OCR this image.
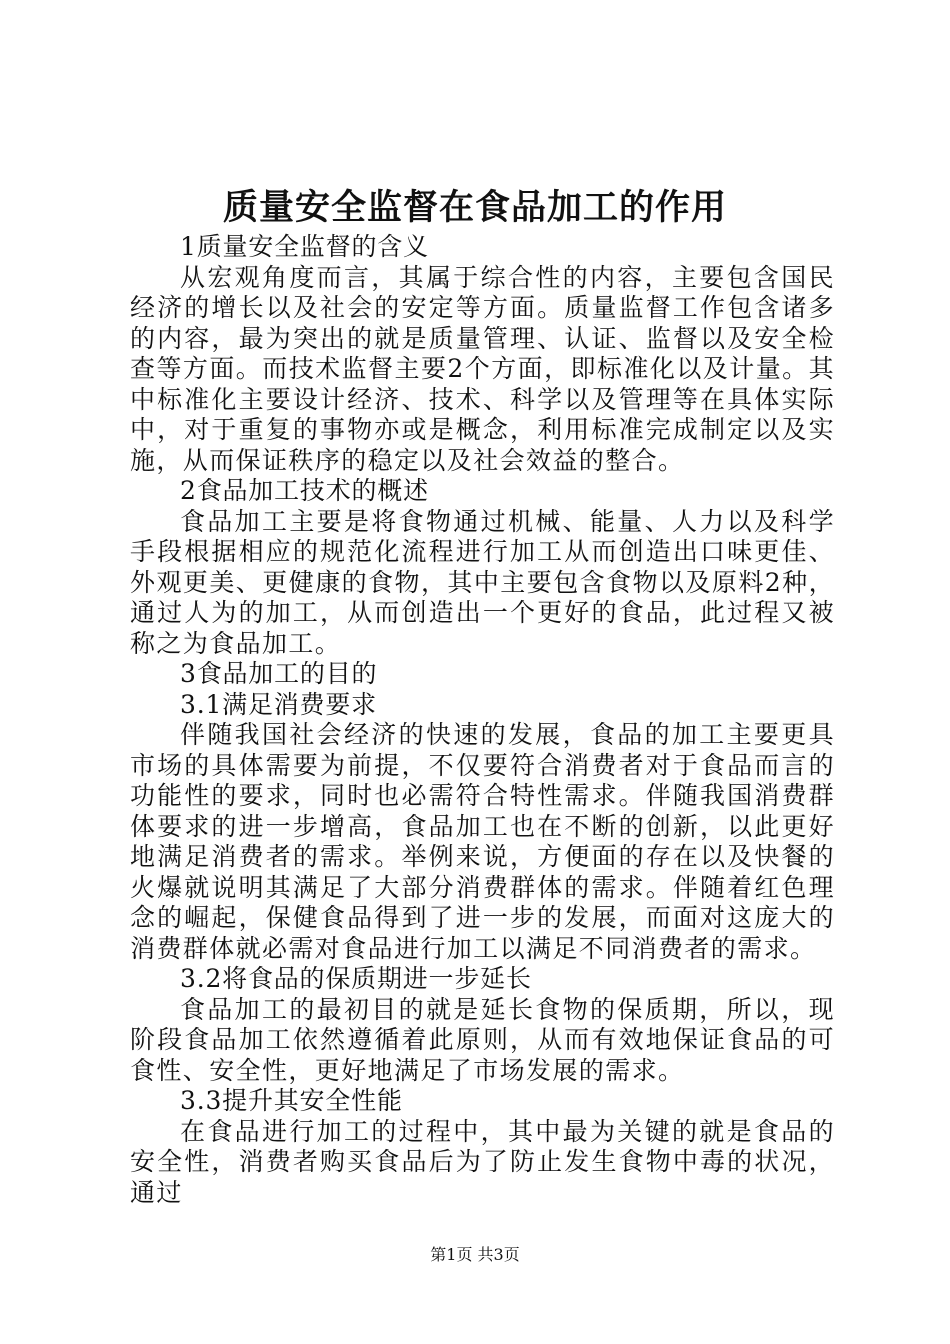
质量安全监督在食品加工的作用

1质量安全监督的含义

从宏观角度而言，其属于综合性的内容，主要包含国民经济的增长以及社会的安定等方面。质量监督工作包含诸多的内容，最为突出的就是质量管理、认证、监督以及安全检查等方面。而技术监督主要2个方面，即标准化以及计量。其中标准化主要设计经济、技术、科学以及管理等在具体实际中，对于重复的事物亦或是概念，利用标准完成制定以及实施，从而保证秩序的稳定以及社会效益的整合。

2食品加工技术的概述

食品加工主要是将食物通过机械、能量、人力以及科学手段根据相应的规范化流程进行加工从而创造出口味更佳、外观更美、更健康的食物，其中主要包含食物以及原料2种，通过人为的加工，从而创造出一个更好的食品，此过程又被称之为食品加工。

3食品加工的目的

3.1满足消费要求

伴随我国社会经济的快速的发展，食品的加工主要更具市场的具体需要为前提，不仅要符合消费者对于食品而言的功能性的要求，同时也必需符合特性需求。伴随我国消费群体要求的进一步增高，食品加工也在不断的创新，以此更好地满足消费者的需求。举例来说，方便面的存在以及快餐的火爆就说明其满足了大部分消费群体的需求。伴随着红色理念的崛起，保健食品得到了进一步的发展，而面对这庞大的消费群体就必需对食品进行加工以满足不同消费者的需求。

3.2将食品的保质期进一步延长

食品加工的最初目的就是延长食物的保质期，所以，现阶段食品加工依然遵循着此原则，从而有效地保证食品的可食性、安全性，更好地满足了市场发展的需求。

3.3提升其安全性能

在食品进行加工的过程中，其中最为关键的就是食品的安全性，消费者购买食品后为了防止发生食物中毒的状况，通过

第1页 共3页
